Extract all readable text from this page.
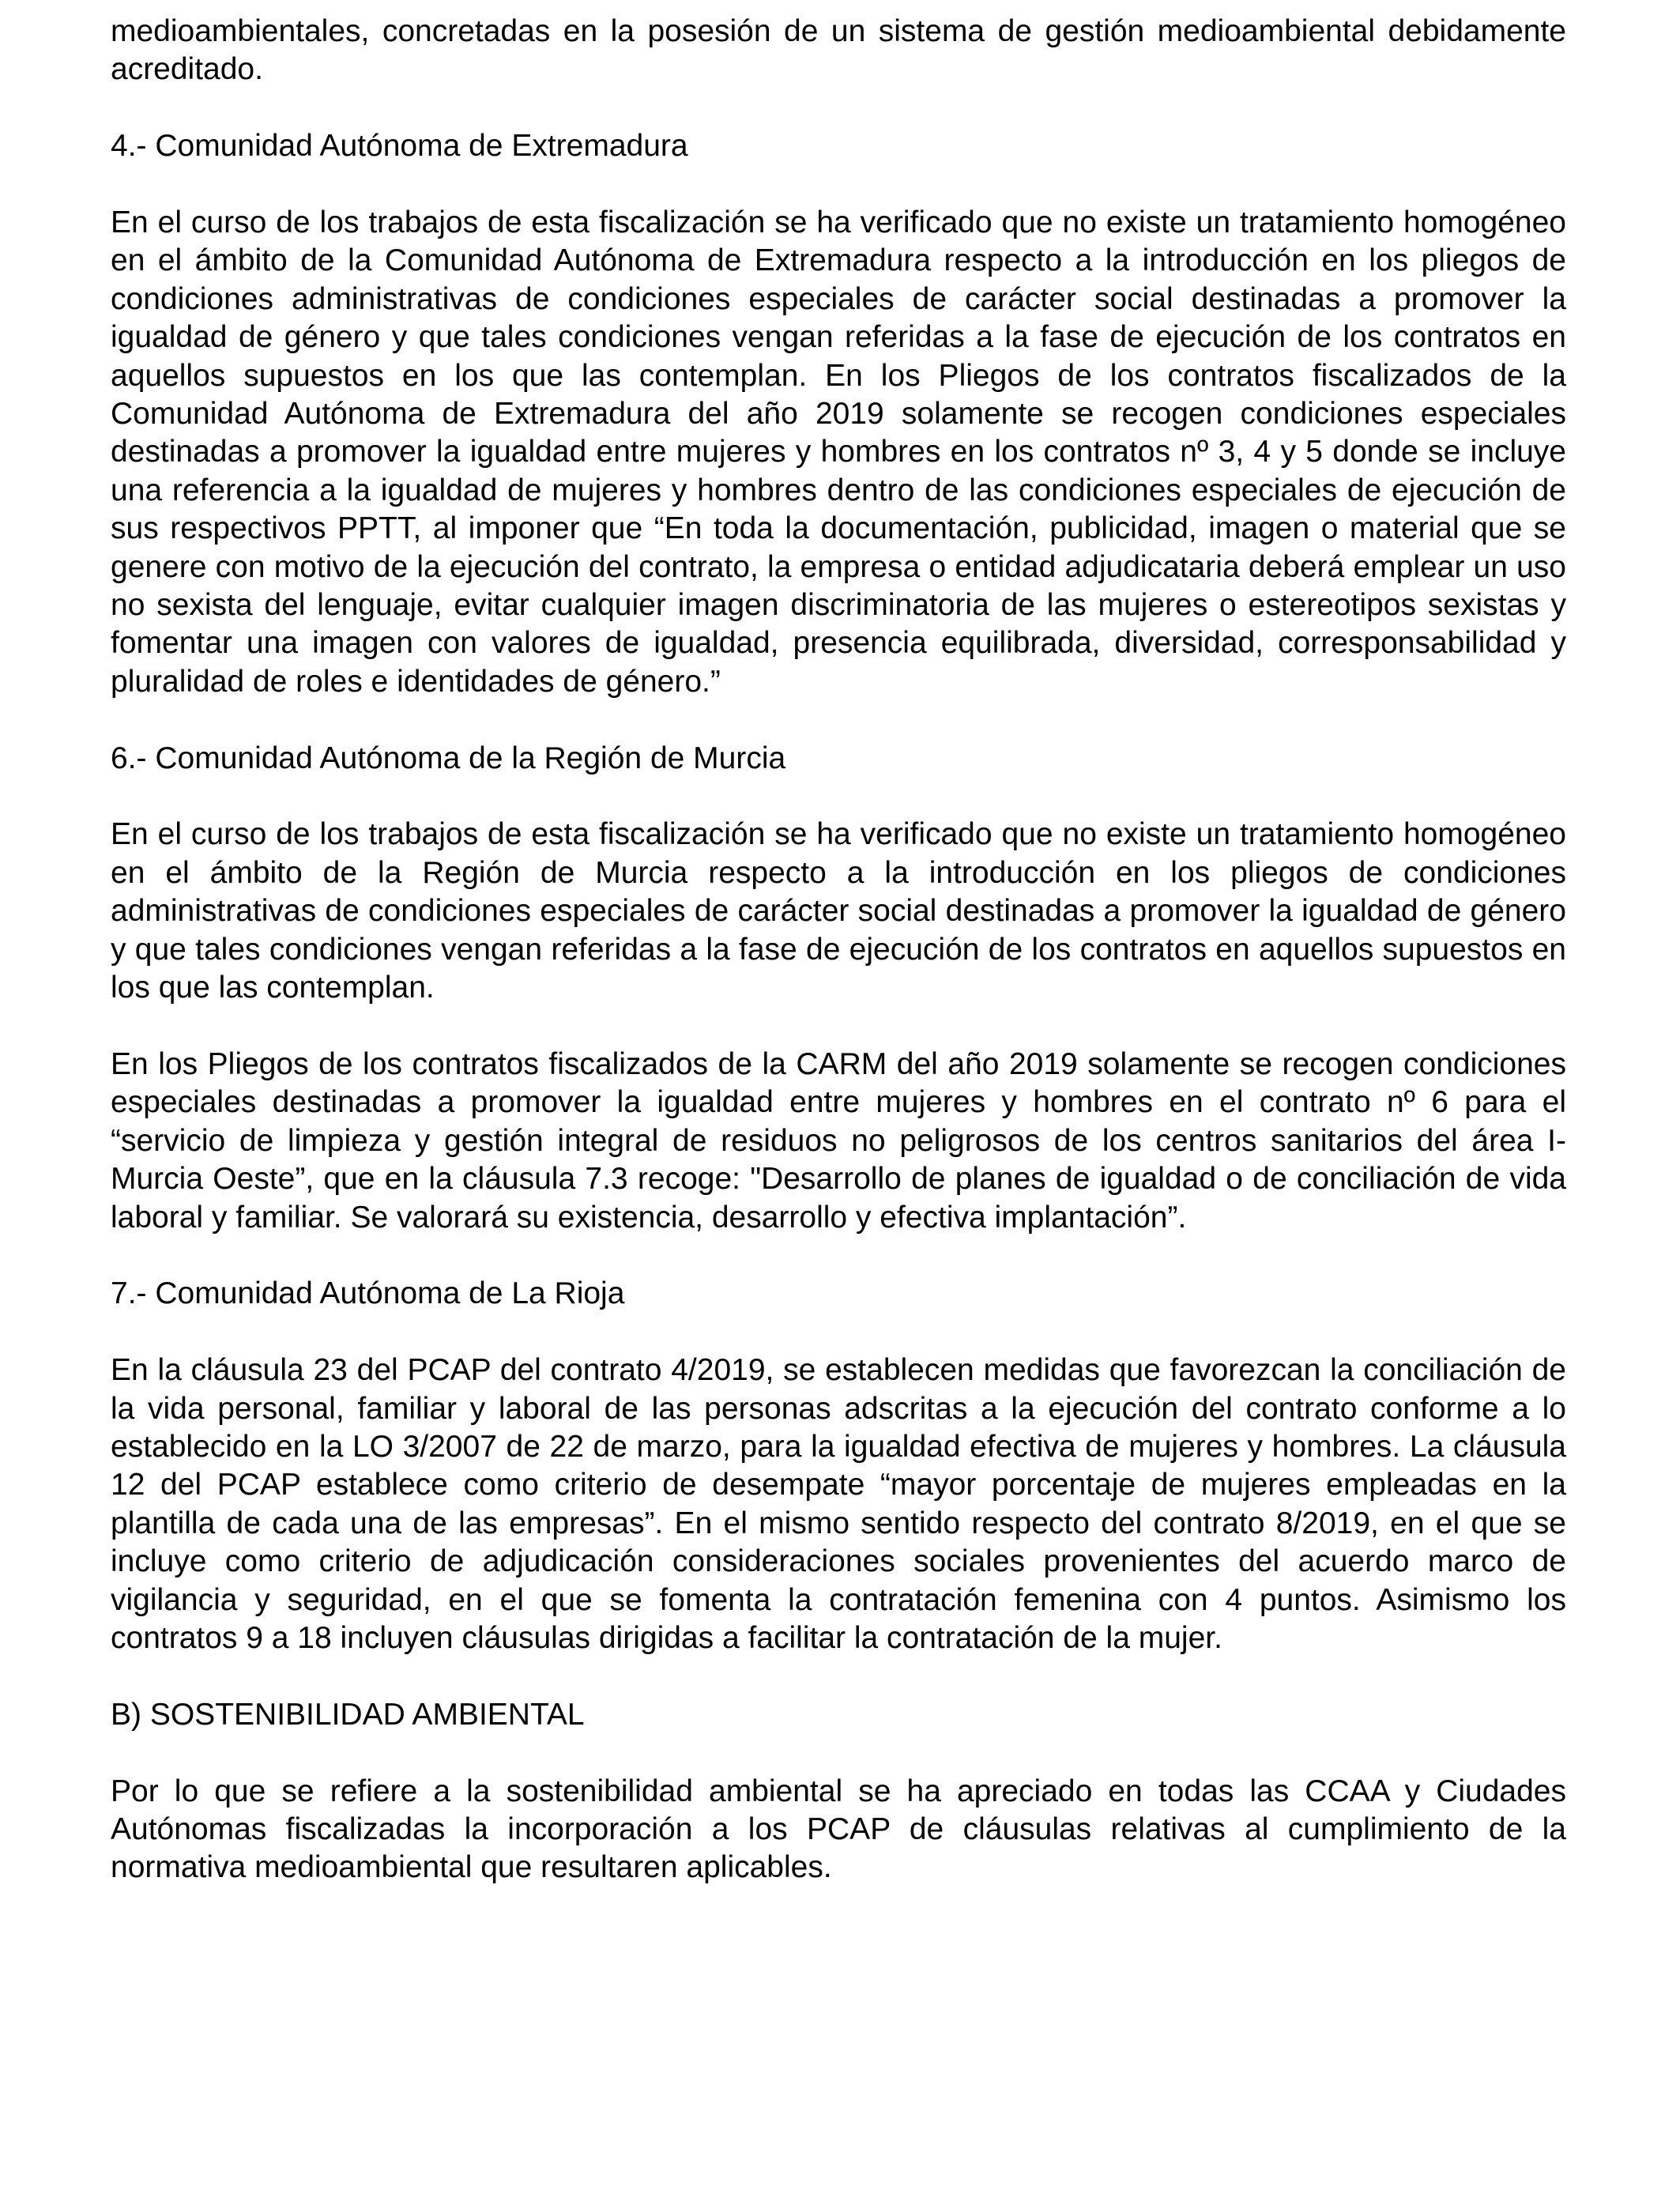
medioambientales, concretadas en la posesión de un sistema de gestión medioambiental debidamente acreditado.

4.- Comunidad Autónoma de Extremadura

En el curso de los trabajos de esta fiscalización se ha verificado que no existe un tratamiento homogéneo en el ámbito de la Comunidad Autónoma de Extremadura respecto a la introducción en los pliegos de condiciones administrativas de condiciones especiales de carácter social destinadas a promover la igualdad de género y que tales condiciones vengan referidas a la fase de ejecución de los contratos en aquellos supuestos en los que las contemplan. En los Pliegos de los contratos fiscalizados de la Comunidad Autónoma de Extremadura del año 2019 solamente se recogen condiciones especiales destinadas a promover la igualdad entre mujeres y hombres en los contratos nº 3, 4 y 5 donde se incluye una referencia a la igualdad de mujeres y hombres dentro de las condiciones especiales de ejecución de sus respectivos PPTT, al imponer que “En toda la documentación, publicidad, imagen o material que se genere con motivo de la ejecución del contrato, la empresa o entidad adjudicataria deberá emplear un uso no sexista del lenguaje, evitar cualquier imagen discriminatoria de las mujeres o estereotipos sexistas y fomentar una imagen con valores de igualdad, presencia equilibrada, diversidad, corresponsabilidad y pluralidad de roles e identidades de género.”

6.- Comunidad Autónoma de la Región de Murcia

En el curso de los trabajos de esta fiscalización se ha verificado que no existe un tratamiento homogéneo en el ámbito de la Región de Murcia respecto a la introducción en los pliegos de condiciones administrativas de condiciones especiales de carácter social destinadas a promover la igualdad de género y que tales condiciones vengan referidas a la fase de ejecución de los contratos en aquellos supuestos en los que las contemplan.

En los Pliegos de los contratos fiscalizados de la CARM del año 2019 solamente se recogen condiciones especiales destinadas a promover la igualdad entre mujeres y hombres en el contrato nº 6 para el “servicio de limpieza y gestión integral de residuos no peligrosos de los centros sanitarios del área I- Murcia Oeste”, que en la cláusula 7.3 recoge: "Desarrollo de planes de igualdad o de conciliación de vida laboral y familiar. Se valorará su existencia, desarrollo y efectiva implantación”.

7.- Comunidad Autónoma de La Rioja

En la cláusula 23 del PCAP del contrato 4/2019, se establecen medidas que favorezcan la conciliación de la vida personal, familiar y laboral de las personas adscritas a la ejecución del contrato conforme a lo establecido en la LO 3/2007 de 22 de marzo, para la igualdad efectiva de mujeres y hombres. La cláusula 12 del PCAP establece como criterio de desempate “mayor porcentaje de mujeres empleadas en la plantilla de cada una de las empresas”. En el mismo sentido respecto del contrato 8/2019, en el que se incluye como criterio de adjudicación consideraciones sociales provenientes del acuerdo marco de vigilancia y seguridad, en el que se fomenta la contratación femenina con 4 puntos. Asimismo los contratos 9 a 18 incluyen cláusulas dirigidas a facilitar la contratación de la mujer.

B) SOSTENIBILIDAD AMBIENTAL

Por lo que se refiere a la sostenibilidad ambiental se ha apreciado en todas las CCAA y Ciudades Autónomas fiscalizadas la incorporación a los PCAP de cláusulas relativas al cumplimiento de la normativa medioambiental que resultaren aplicables.
